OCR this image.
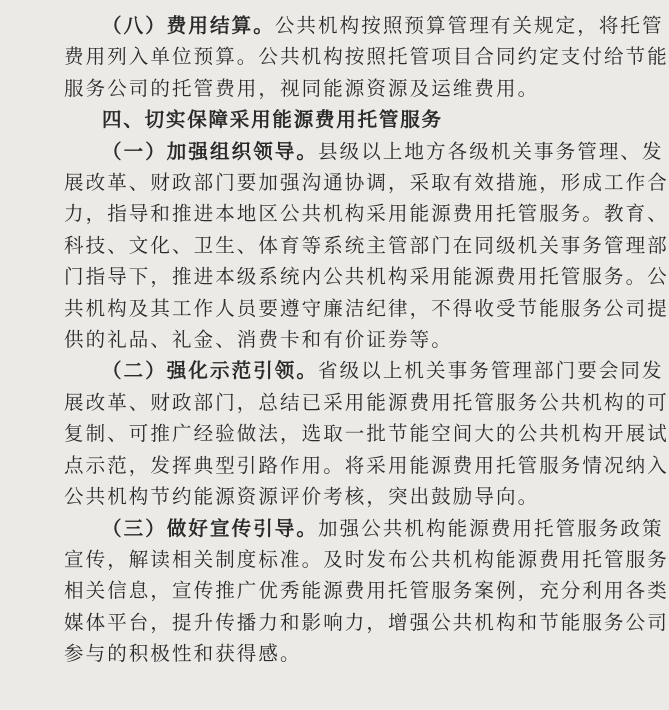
（八）费用结算。公共机构按照预算管理有关规定，将托管
费用列入单位预算。公共机构按照托管项目合同约定支付给节能
服务公司的托管费用，视同能源资源及运维费用。
四、切实保障采用能源费用托管服务
（一）加强组织领导。县级以上地方各级机关事务管理、发
展改革、财政部门要加强沟通协调，采取有效措施，形成工作合
力，指导和推进本地区公共机构采用能源费用托管服务。教育、
科技、文化、卫生、体育等系统主管部门在同级机关事务管理部
门指导下，推进本级系统内公共机构采用能源费用托管服务。公
共机构及其工作人员要遵守廉洁纪律，不得收受节能服务公司提
供的礼品、礼金、消费卡和有价证券等。
（二）强化示范引领。省级以上机关事务管理部门要会同发
展改革、财政部门，总结已采用能源费用托管服务公共机构的可
复制、可推广经验做法，选取一批节能空间大的公共机构开展试
点示范，发挥典型引路作用。将采用能源费用托管服务情况纳入
公共机构节约能源资源评价考核，突出鼓励导向。
（三）做好宣传引导。加强公共机构能源费用托管服务政策
宣传，解读相关制度标准。及时发布公共机构能源费用托管服务
相关信息，宣传推广优秀能源费用托管服务案例，充分利用各类
媒体平台，提升传播力和影响力，增强公共机构和节能服务公司
参与的积极性和获得感。
